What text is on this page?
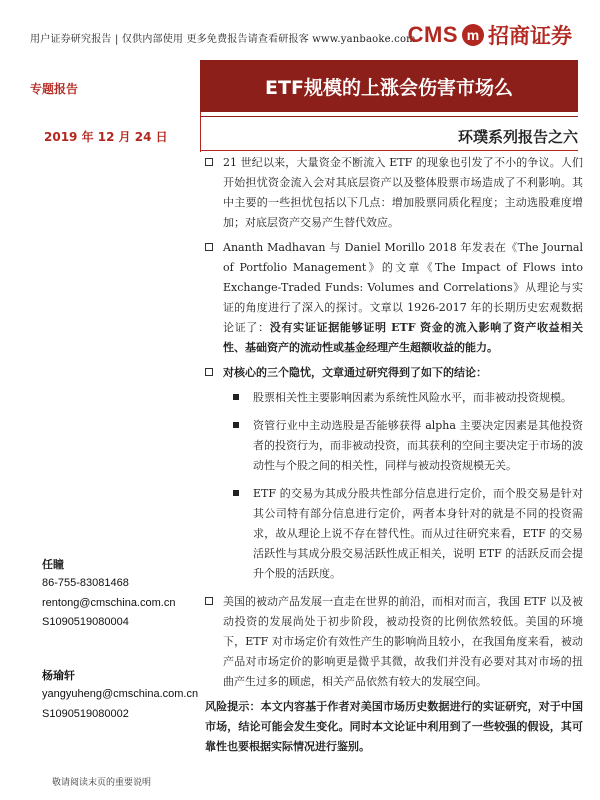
用户证券研究报告 | 仅供内部使用 更多免费报告请查看研报客 www.yanbaoke.com
CMS m 招商证券
专题报告	ETF规模的上涨会伤害市场么
2019 年 12 月 24 日	环璞系列报告之六
21 世纪以来，大量资金不断流入 ETF 的现象也引发了不小的争议。人们开始担忧资金流入会对其底层资产以及整体股票市场造成了不利影响。其中主要的一些担忧包括以下几点：增加股票同质化程度；主动选股难度增加；对底层资产交易产生替代效应。
Ananth Madhavan 与 Daniel Morillo 2018 年发表在《The Journal of Portfolio Management》的文章《The Impact of Flows into Exchange-Traded Funds: Volumes and Correlations》从理论与实证的角度进行了深入的探讨。文章以 1926-2017 年的长期历史宏观数据论证了：没有实证证据能够证明 ETF 资金的流入影响了资产收益相关性、基础资产的流动性或基金经理产生超额收益的能力。
对核心的三个隐忧，文章通过研究得到了如下的结论：
股票相关性主要影响因素为系统性风险水平，而非被动投资规模。
资管行业中主动选股是否能够获得 alpha 主要决定因素是其他投资者的投资行为，而非被动投资，而其获利的空间主要决定于市场的波动性与个股之间的相关性，同样与被动投资规模无关。
ETF 的交易为其成分股共性部分信息进行定价，而个股交易是针对其公司特有部分信息进行定价，两者本身针对的就是不同的投资需求，故从理论上说不存在替代性。而从过往研究来看，ETF 的交易活跃性与其成分股交易活跃性成正相关，说明 ETF 的活跃反而会提升个股的活跃度。
美国的被动产品发展一直走在世界的前沿，而相对而言，我国 ETF 以及被动投资的发展尚处于初步阶段，被动投资的比例依然较低。美国的环境下，ETF 对市场定价有效性产生的影响尚且较小，在我国角度来看，被动产品对市场定价的影响更是微乎其微，故我们并没有必要对其对市场的扭曲产生过多的顾虑，相关产品依然有较大的发展空间。
风险提示：本文内容基于作者对美国市场历史数据进行的实证研究，对于中国市场，结论可能会发生变化。同时本文论证中利用到了一些较强的假设，其可靠性也要根据实际情况进行鉴别。
任瞳
86-755-83081468
rentong@cmschina.com.cn
S1090519080004
杨瑜轩
yangyuheng@cmschina.com.cn
S1090519080002
敬请阅读末页的重要说明
